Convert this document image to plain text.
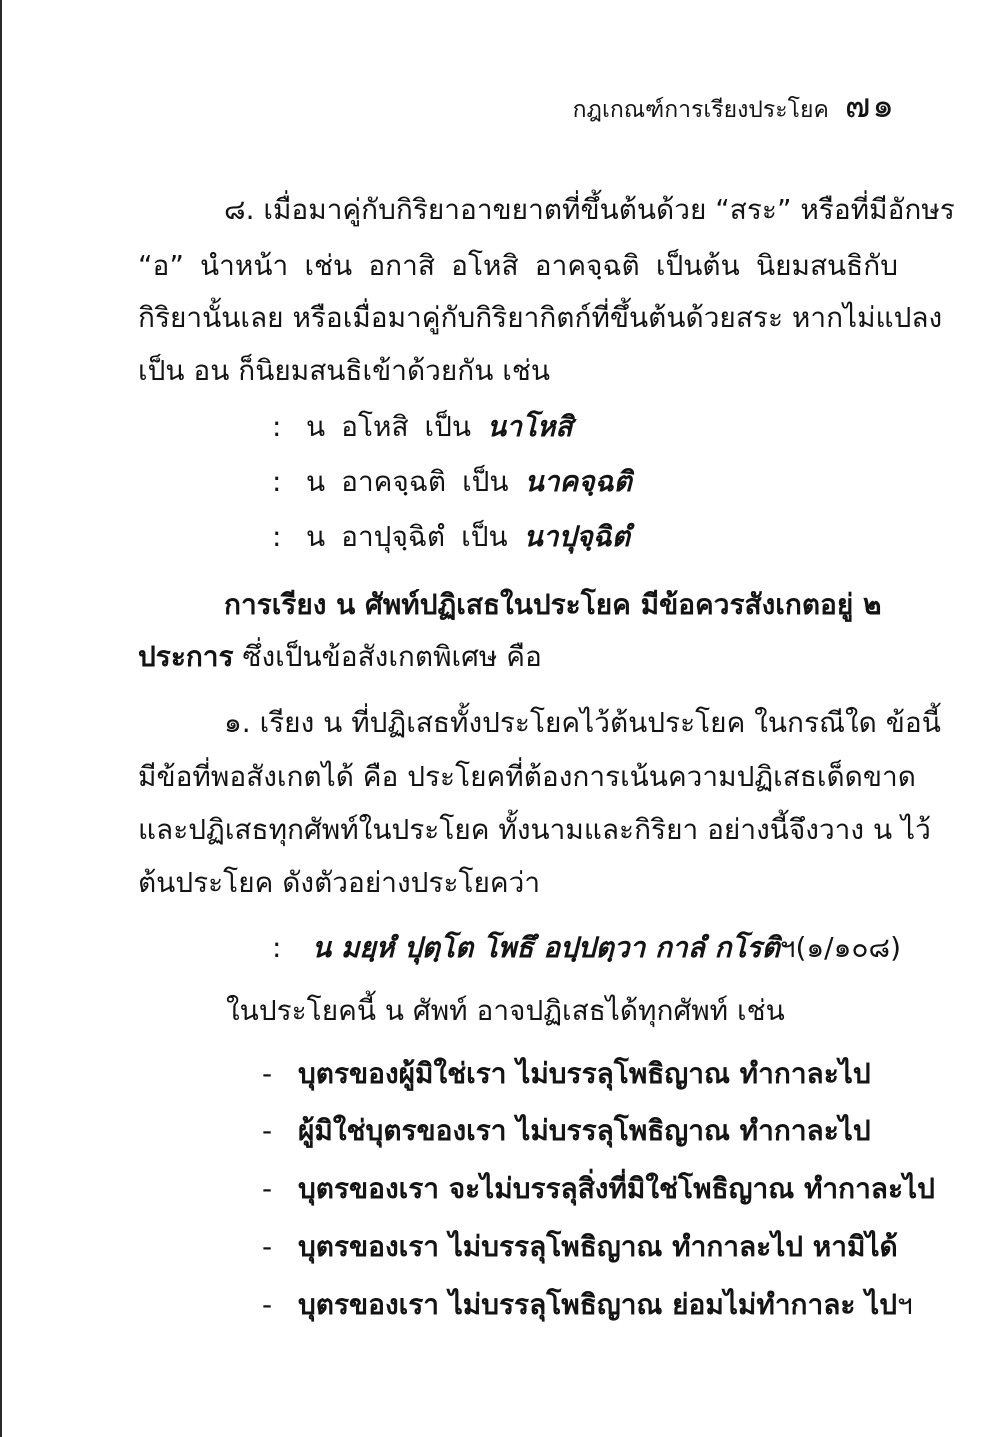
กฎเกณฑ์การเรียงประโยค ๗๑
๘. เมื่อมาคู่กับกิริยาอาขยาตที่ขึ้นต้นด้วย “สระ” หรือที่มีอักษร
“อ” นำหน้า เช่น อกาสิ อโหสิ อาคจฺฉติ เป็นต้น นิยมสนธิกับ
กิริยานั้นเลย หรือเมื่อมาคู่กับกิริยากิตก์ที่ขึ้นต้นด้วยสระ หากไม่แปลง
เป็น อน ก็นิยมสนธิเข้าด้วยกัน เช่น
: น อโหสิ เป็น นาโหสิ
: น อาคจฺฉติ เป็น นาคจฺฉติ
: น อาปุจฺฉิตํ เป็น นาปุจฺฉิตํ
การเรียง น ศัพท์ปฏิเสธในประโยค มีข้อควรสังเกตอยู่ ๒
ประการ ซึ่งเป็นข้อสังเกตพิเศษ คือ
๑. เรียง น ที่ปฏิเสธทั้งประโยคไว้ต้นประโยค ในกรณีใด ข้อนี้
มีข้อที่พอสังเกตได้ คือ ประโยคที่ต้องการเน้นความปฏิเสธเด็ดขาด
และปฏิเสธทุกศัพท์ในประโยค ทั้งนามและกิริยา อย่างนี้จึงวาง น ไว้
ต้นประโยค ดังตัวอย่างประโยคว่า
: น มยฺหํ ปุตฺโต โพธึ อปฺปตฺวา กาลํ กโรติ ฯ(๑/๑๐๘)
ในประโยคนี้ น ศัพท์ อาจปฏิเสธได้ทุกศัพท์ เช่น
- บุตรของผู้มิใช่เรา ไม่บรรลุโพธิญาณ ทำกาละไป
- ผู้มิใช่บุตรของเรา ไม่บรรลุโพธิญาณ ทำกาละไป
- บุตรของเรา จะไม่บรรลุสิ่งที่มิใช่โพธิญาณ ทำกาละไป
- บุตรของเรา ไม่บรรลุโพธิญาณ ทำกาละไป หามิได้
- บุตรของเรา ไม่บรรลุโพธิญาณ ย่อมไม่ทำกาละ ไป ฯ
